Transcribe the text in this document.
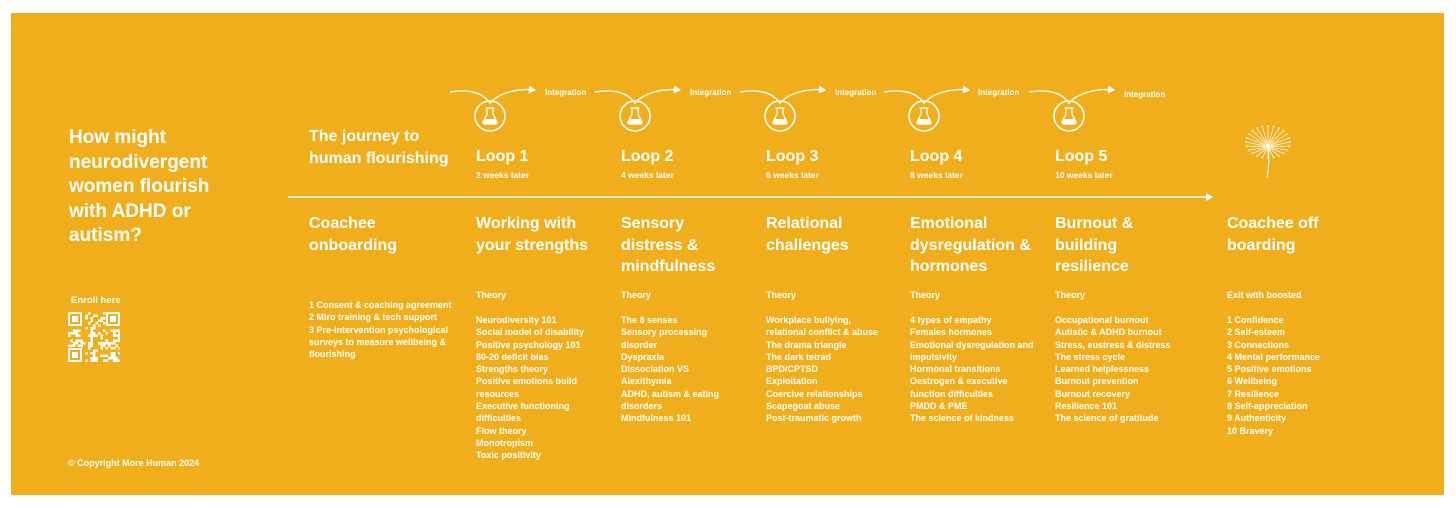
How might neurodivergent women flourish with ADHD or autism?
Enroll here
© Copyright More Human 2024
The journey to human flourishing
Integration	Integration	Integration	Integration	Integration
Loop 1
2 weeks later
Loop 2
4 weeks later
Loop 3
6 weeks later
Loop 4
8 weeks later
Loop 5
10 weeks later
Coachee onboarding
1 Consent & coaching agreement
2 Miro training & tech support
3 Pre-intervention psychological surveys to measure wellbeing & flourishing
Working with your strengths
Theory
Neurodiversity 101
Social model of disability
Positive psychology 101
80-20 deficit bias
Strengths theory
Positive emotions build resources
Executive functioning difficulties
Flow theory
Monotropism
Toxic positivity
Sensory distress & mindfulness
Theory
The 8 senses
Sensory processing disorder
Dyspraxia
Dissociation VS Alexithymia
ADHD, autism & eating disorders
Mindfulness 101
Relational challenges
Theory
Workplace bullying, relational conflict & abuse
The drama triangle
The dark tetrad
BPD/CPTSD
Exploitation
Coercive relationships
Scapegoat abuse
Post-traumatic growth
Emotional dysregulation & hormones
Theory
4 types of empathy
Females hormones
Emotional dysregulation and impulsivity
Hormonal transitions
Oestrogen & executive function difficulties
PMDD & PME
The science of kindness
Burnout & building resilience
Theory
Occupational burnout
Autistic & ADHD burnout
Stress, eustress & distress
The stress cycle
Learned helplessness
Burnout prevention
Burnout recovery
Resilience 101
The science of gratitude
Coachee off boarding
Exit with boosted
1 Confidence
2 Self-esteem
3 Connections
4 Mental performance
5 Positive emotions
6 Wellbeing
7 Resilience
8 Self-appreciation
9 Authenticity
10 Bravery
